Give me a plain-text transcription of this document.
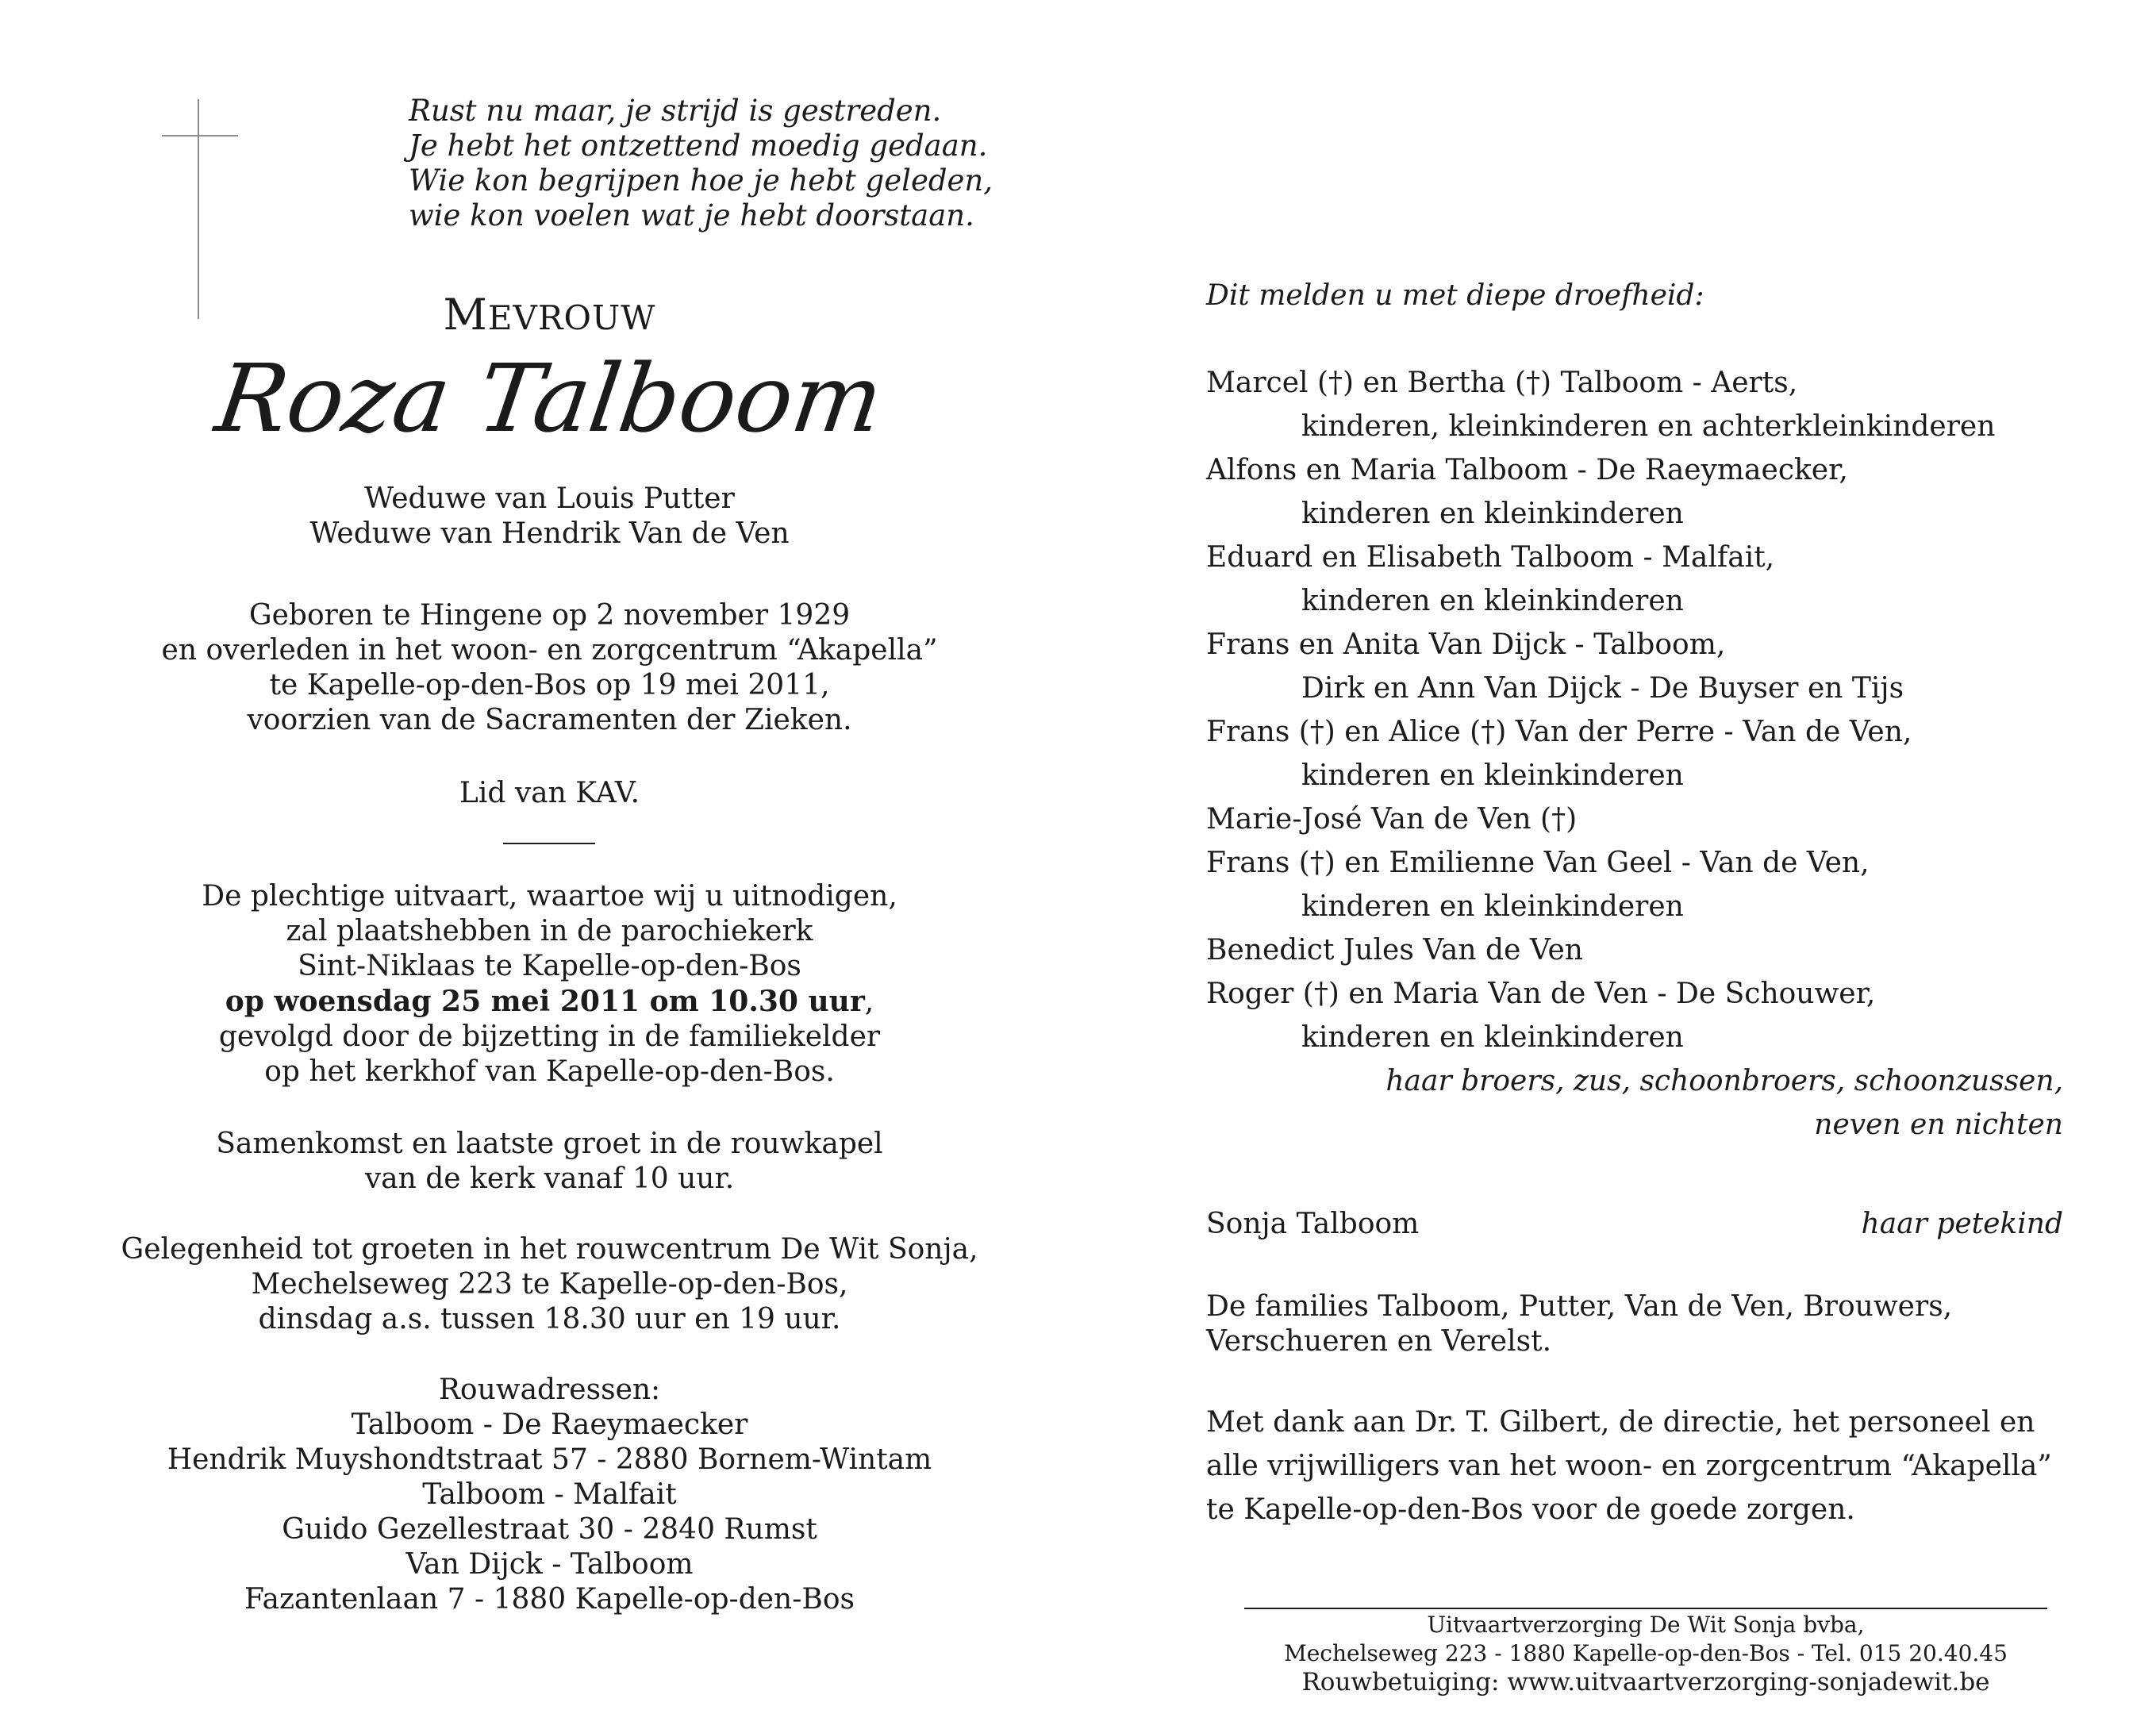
Rust nu maar, je strijd is gestreden.
Je hebt het ontzettend moedig gedaan.
Wie kon begrijpen hoe je hebt geleden,
wie kon voelen wat je hebt doorstaan.
MEVROUW
Roza Talboom
Weduwe van Louis Putter
Weduwe van Hendrik Van de Ven
Geboren te Hingene op 2 november 1929
en overleden in het woon- en zorgcentrum “Akapella”
te Kapelle-op-den-Bos op 19 mei 2011,
voorzien van de Sacramenten der Zieken.
Lid van KAV.
De plechtige uitvaart, waartoe wij u uitnodigen,
zal plaatshebben in de parochiekerk
Sint-Niklaas te Kapelle-op-den-Bos
op woensdag 25 mei 2011 om 10.30 uur,
gevolgd door de bijzetting in de familiekelder
op het kerkhof van Kapelle-op-den-Bos.
Samenkomst en laatste groet in de rouwkapel
van de kerk vanaf 10 uur.
Gelegenheid tot groeten in het rouwcentrum De Wit Sonja,
Mechelseweg 223 te Kapelle-op-den-Bos,
dinsdag a.s. tussen 18.30 uur en 19 uur.
Rouwadressen:
Talboom - De Raeymaecker
Hendrik Muyshondtstraat 57 - 2880 Bornem-Wintam
Talboom - Malfait
Guido Gezellestraat 30 - 2840 Rumst
Van Dijck - Talboom
Fazantenlaan 7 - 1880 Kapelle-op-den-Bos
Dit melden u met diepe droefheid:
Marcel (†) en Bertha (†) Talboom - Aerts,
kinderen, kleinkinderen en achterkleinkinderen
Alfons en Maria Talboom - De Raeymaecker,
kinderen en kleinkinderen
Eduard en Elisabeth Talboom - Malfait,
kinderen en kleinkinderen
Frans en Anita Van Dijck - Talboom,
Dirk en Ann Van Dijck - De Buyser en Tijs
Frans (†) en Alice (†) Van der Perre - Van de Ven,
kinderen en kleinkinderen
Marie-José Van de Ven (†)
Frans (†) en Emilienne Van Geel - Van de Ven,
kinderen en kleinkinderen
Benedict Jules Van de Ven
Roger (†) en Maria Van de Ven - De Schouwer,
kinderen en kleinkinderen
haar broers, zus, schoonbroers, schoonzussen,
neven en nichten
Sonja Talboom	haar petekind
De families Talboom, Putter, Van de Ven, Brouwers,
Verschueren en Verelst.
Met dank aan Dr. T. Gilbert, de directie, het personeel en
alle vrijwilligers van het woon- en zorgcentrum “Akapella”
te Kapelle-op-den-Bos voor de goede zorgen.
Uitvaartverzorging De Wit Sonja bvba,
Mechelseweg 223 - 1880 Kapelle-op-den-Bos - Tel. 015 20.40.45
Rouwbetuiging: www.uitvaartverzorging-sonjadewit.be
